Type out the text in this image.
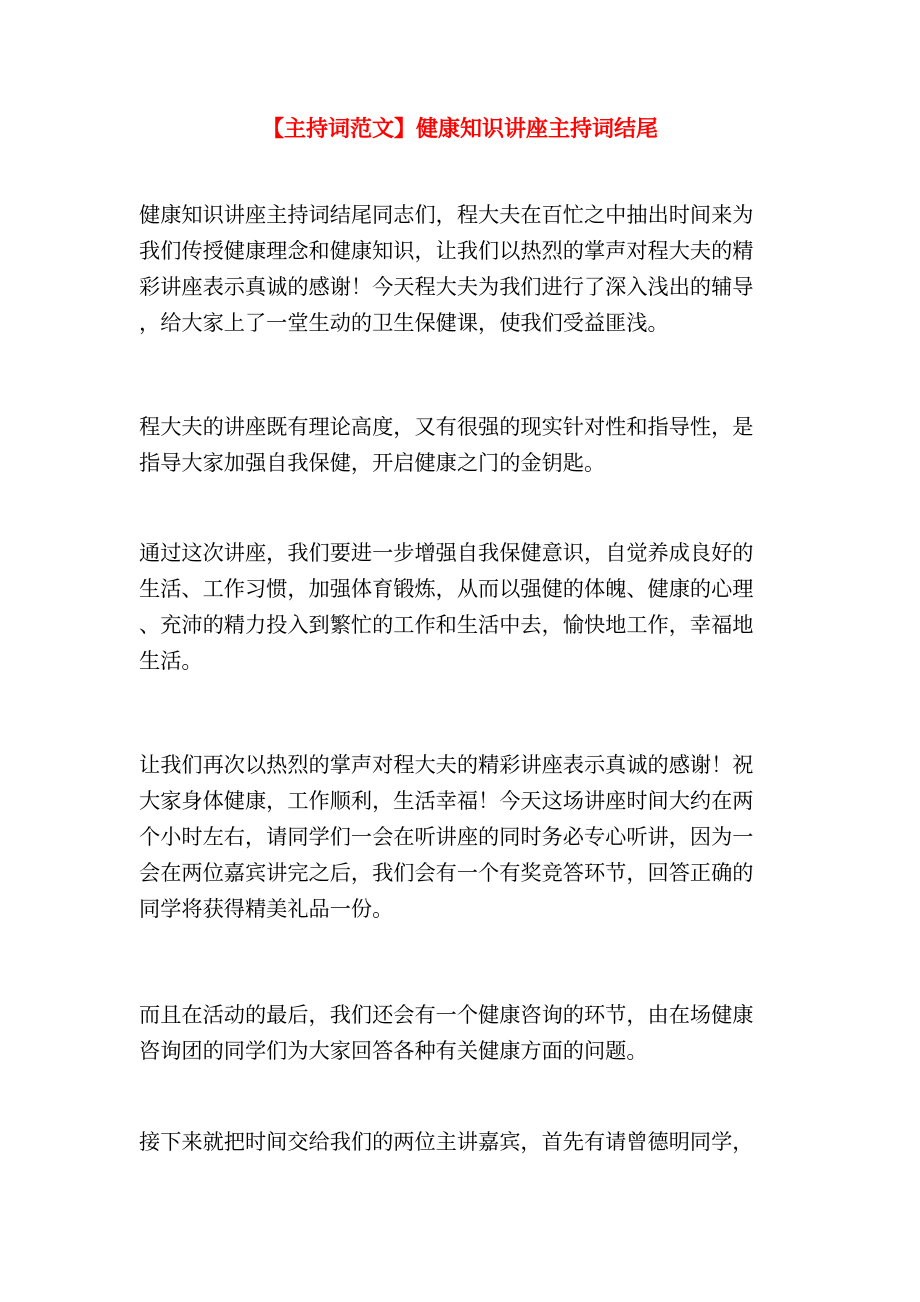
【主持词范文】健康知识讲座主持词结尾
健康知识讲座主持词结尾同志们，程大夫在百忙之中抽出时间来为
我们传授健康理念和健康知识，让我们以热烈的掌声对程大夫的精
彩讲座表示真诚的感谢！今天程大夫为我们进行了深入浅出的辅导
，给大家上了一堂生动的卫生保健课，使我们受益匪浅。
程大夫的讲座既有理论高度，又有很强的现实针对性和指导性，是
指导大家加强自我保健，开启健康之门的金钥匙。
通过这次讲座，我们要进一步增强自我保健意识，自觉养成良好的
生活、工作习惯，加强体育锻炼，从而以强健的体魄、健康的心理
、充沛的精力投入到繁忙的工作和生活中去，愉快地工作，幸福地
生活。
让我们再次以热烈的掌声对程大夫的精彩讲座表示真诚的感谢！祝
大家身体健康，工作顺利，生活幸福！今天这场讲座时间大约在两
个小时左右，请同学们一会在听讲座的同时务必专心听讲，因为一
会在两位嘉宾讲完之后，我们会有一个有奖竞答环节，回答正确的
同学将获得精美礼品一份。
而且在活动的最后，我们还会有一个健康咨询的环节，由在场健康
咨询团的同学们为大家回答各种有关健康方面的问题。
接下来就把时间交给我们的两位主讲嘉宾，首先有请曾德明同学，
